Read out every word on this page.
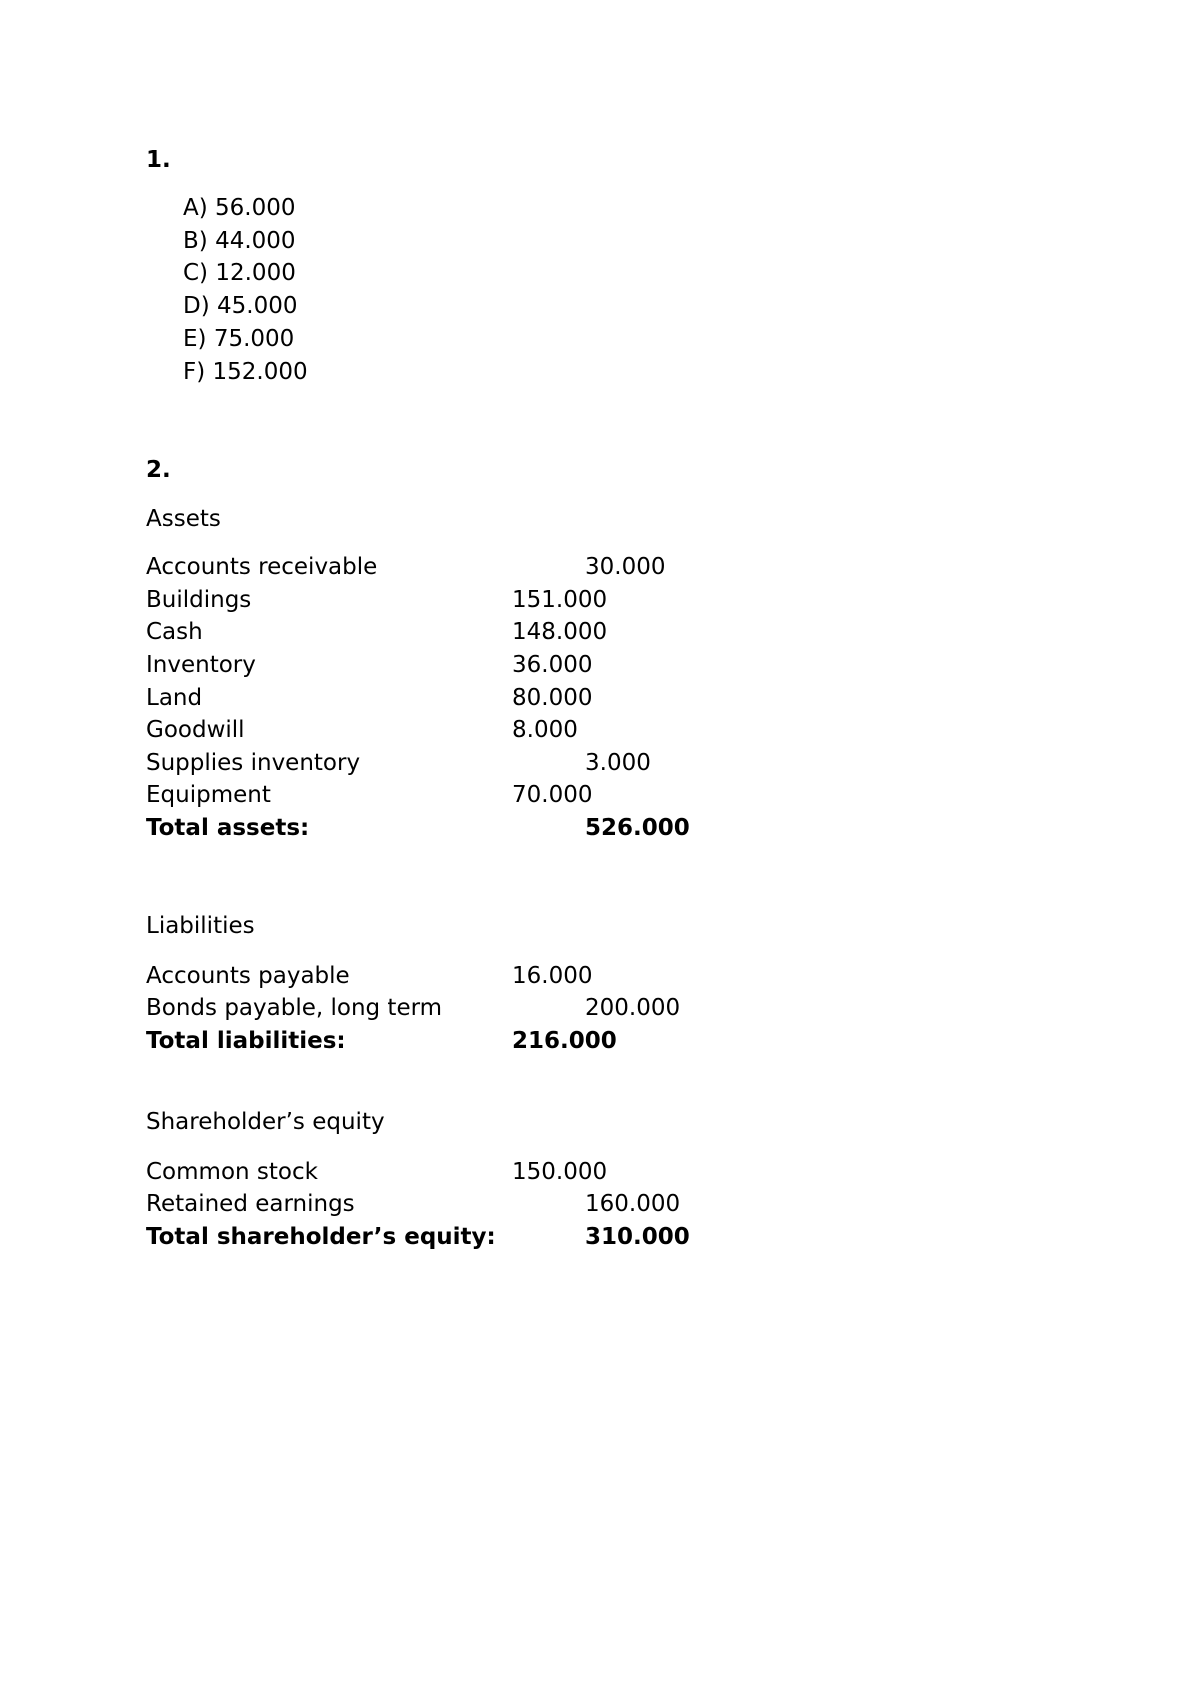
1.
A) 56.000
B) 44.000
C) 12.000
D) 45.000
E) 75.000
F) 152.000
2.
Assets
Accounts receivable	30.000
Buildings	151.000
Cash	148.000
Inventory	36.000
Land	80.000
Goodwill	8.000
Supplies inventory	3.000
Equipment	70.000
Total assets:	526.000
Liabilities
Accounts payable	16.000
Bonds payable, long term	200.000
Total liabilities:	216.000
Shareholder’s equity
Common stock	150.000
Retained earnings	160.000
Total shareholder’s equity:	310.000
